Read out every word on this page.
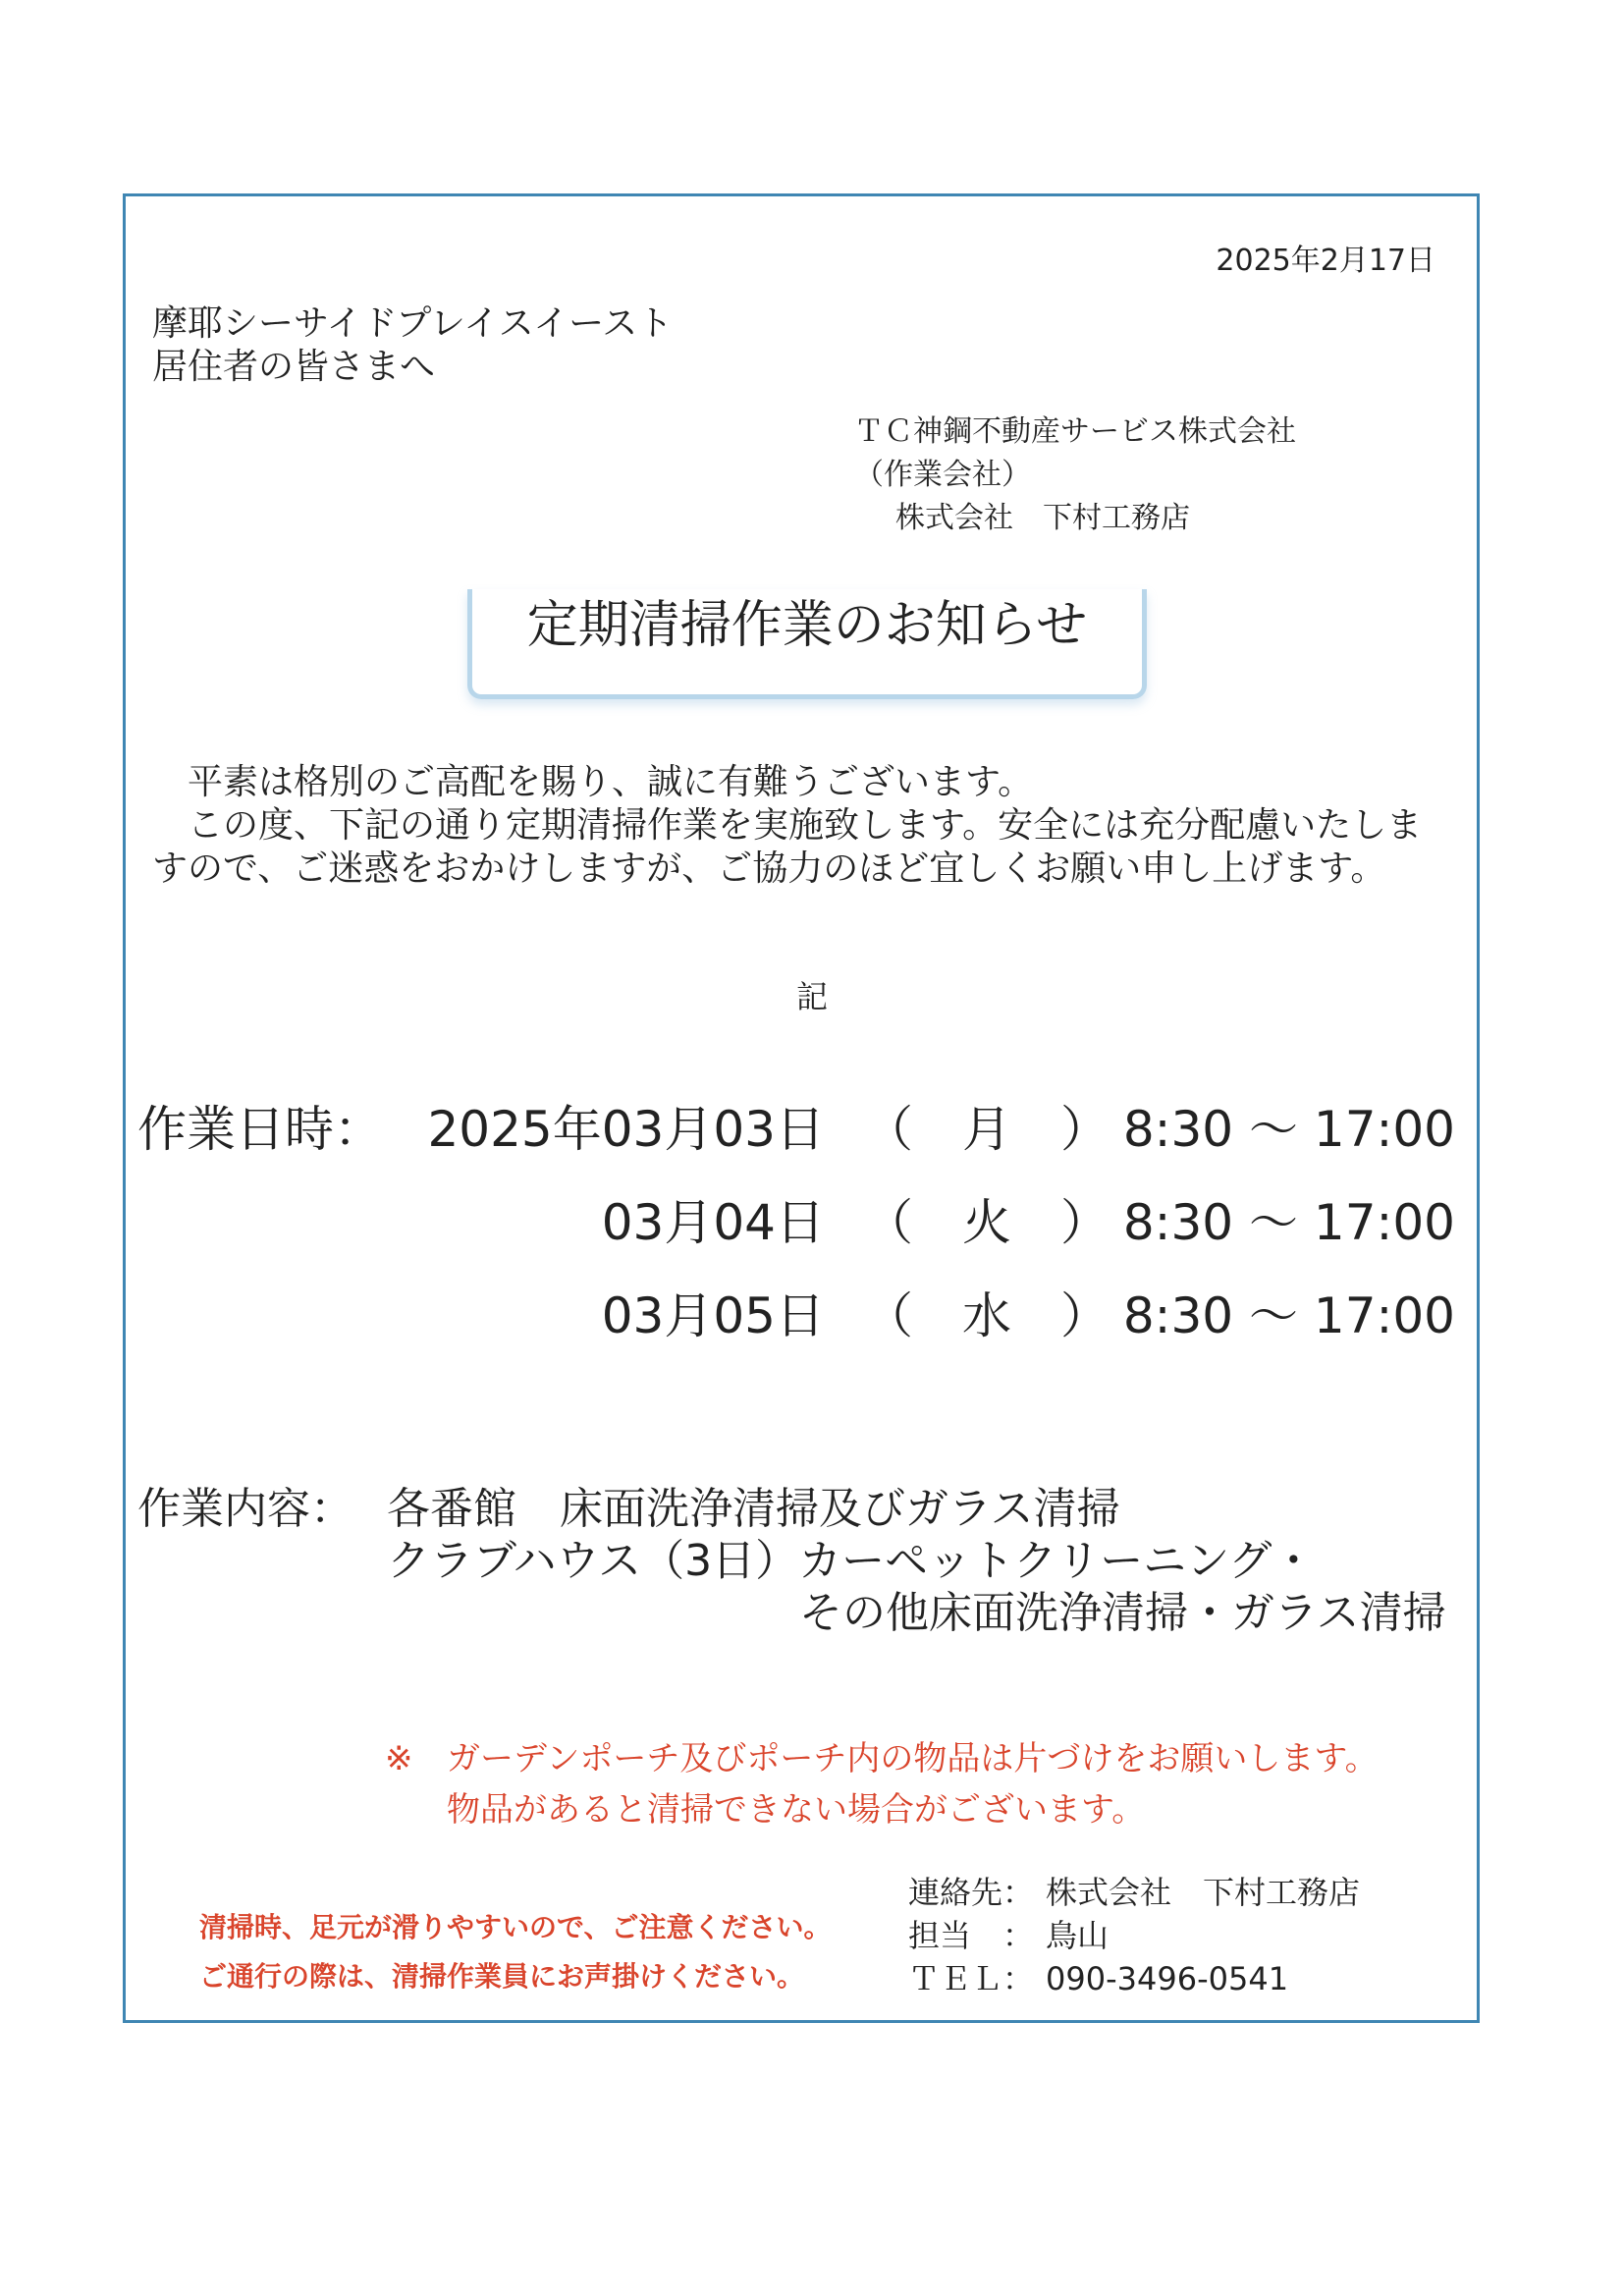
2025年2月17日
摩耶シーサイドプレイスイースト
居住者の皆さまへ
ＴＣ神鋼不動産サービス株式会社
（作業会社）
株式会社　下村工務店
定期清掃作業のお知らせ
平素は格別のご高配を賜り、誠に有難うございます。
この度、下記の通り定期清掃作業を実施致します。安全には充分配慮いたしま
すので、ご迷惑をおかけしますが、ご協力のほど宜しくお願い申し上げます。
記
作業日時： 2025年03月03日 （　月　） 8:30 ～ 17:00
03月04日 （　火　） 8:30 ～ 17:00
03月05日 （　水　） 8:30 ～ 17:00
作業内容： 各番館　床面洗浄清掃及びガラス清掃
クラブハウス（3日）カーペットクリーニング・
その他床面洗浄清掃・ガラス清掃
※ ガーデンポーチ及びポーチ内の物品は片づけをお願いします。
物品があると清掃できない場合がございます。
清掃時、足元が滑りやすいので、ご注意ください。
ご通行の際は、清掃作業員にお声掛けください。
連絡先： 株式会社　下村工務店
担当　： 鳥山
ＴＥＬ： 090-3496-0541
